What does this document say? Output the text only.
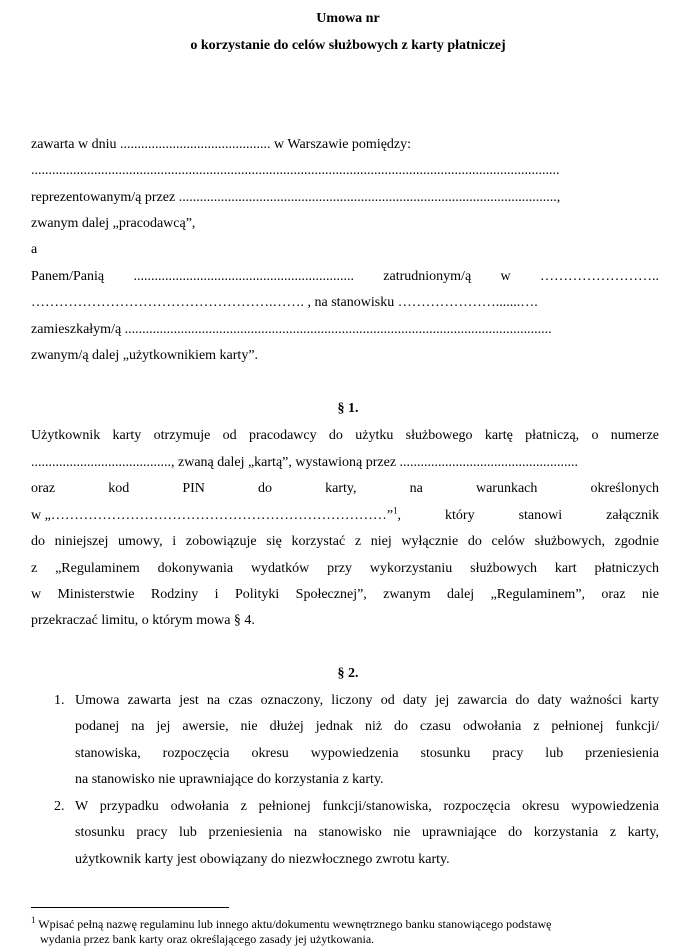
Umowa nr
o korzystanie do celów służbowych z karty płatniczej
zawarta w dniu ........................................... w Warszawie pomiędzy:
.......................................................................................................................................................
reprezentowanym/ą przez ............................................................................................................,
zwanym dalej „pracodawcą”,
a
Panem/Panią ............................................................... zatrudnionym/ą w ……………………..
…………………………………………….……. , na stanowisku ………………….......….
zamieszkałym/ą ..........................................................................................................................
zwanym/ą dalej „użytkownikiem karty”.
§ 1.
Użytkownik karty otrzymuje od pracodawcy do użytku służbowego kartę płatniczą, o numerze
........................................, zwaną dalej „kartą”, wystawioną przez ...................................................
oraz	kod	PIN	do	karty,	na	warunkach	określonych
w „………………………………………………………………”$^1$,	który	stanowi	załącznik
do niniejszej umowy, i zobowiązuje się korzystać z niej wyłącznie do celów służbowych, zgodnie
z „Regulaminem dokonywania wydatków przy wykorzystaniu służbowych kart płatniczych
w Ministerstwie Rodziny i Polityki Społecznej”, zwanym dalej „Regulaminem”, oraz nie
przekraczać limitu, o którym mowa § 4.
§ 2.
1. Umowa zawarta jest na czas oznaczony, liczony od daty jej zawarcia do daty ważności karty
podanej na jej awersie, nie dłużej jednak niż do czasu odwołania z pełnionej funkcji/
stanowiska, rozpoczęcia okresu wypowiedzenia stosunku pracy lub przeniesienia
na stanowisko nie uprawniające do korzystania z karty.
2. W przypadku odwołania z pełnionej funkcji/stanowiska, rozpoczęcia okresu wypowiedzenia
stosunku pracy lub przeniesienia na stanowisko nie uprawniające do korzystania z karty,
użytkownik karty jest obowiązany do niezwłocznego zwrotu karty.
$^1$ Wpisać pełną nazwę regulaminu lub innego aktu/dokumentu wewnętrznego banku stanowiącego podstawę
wydania przez bank karty oraz określającego zasady jej użytkowania.
